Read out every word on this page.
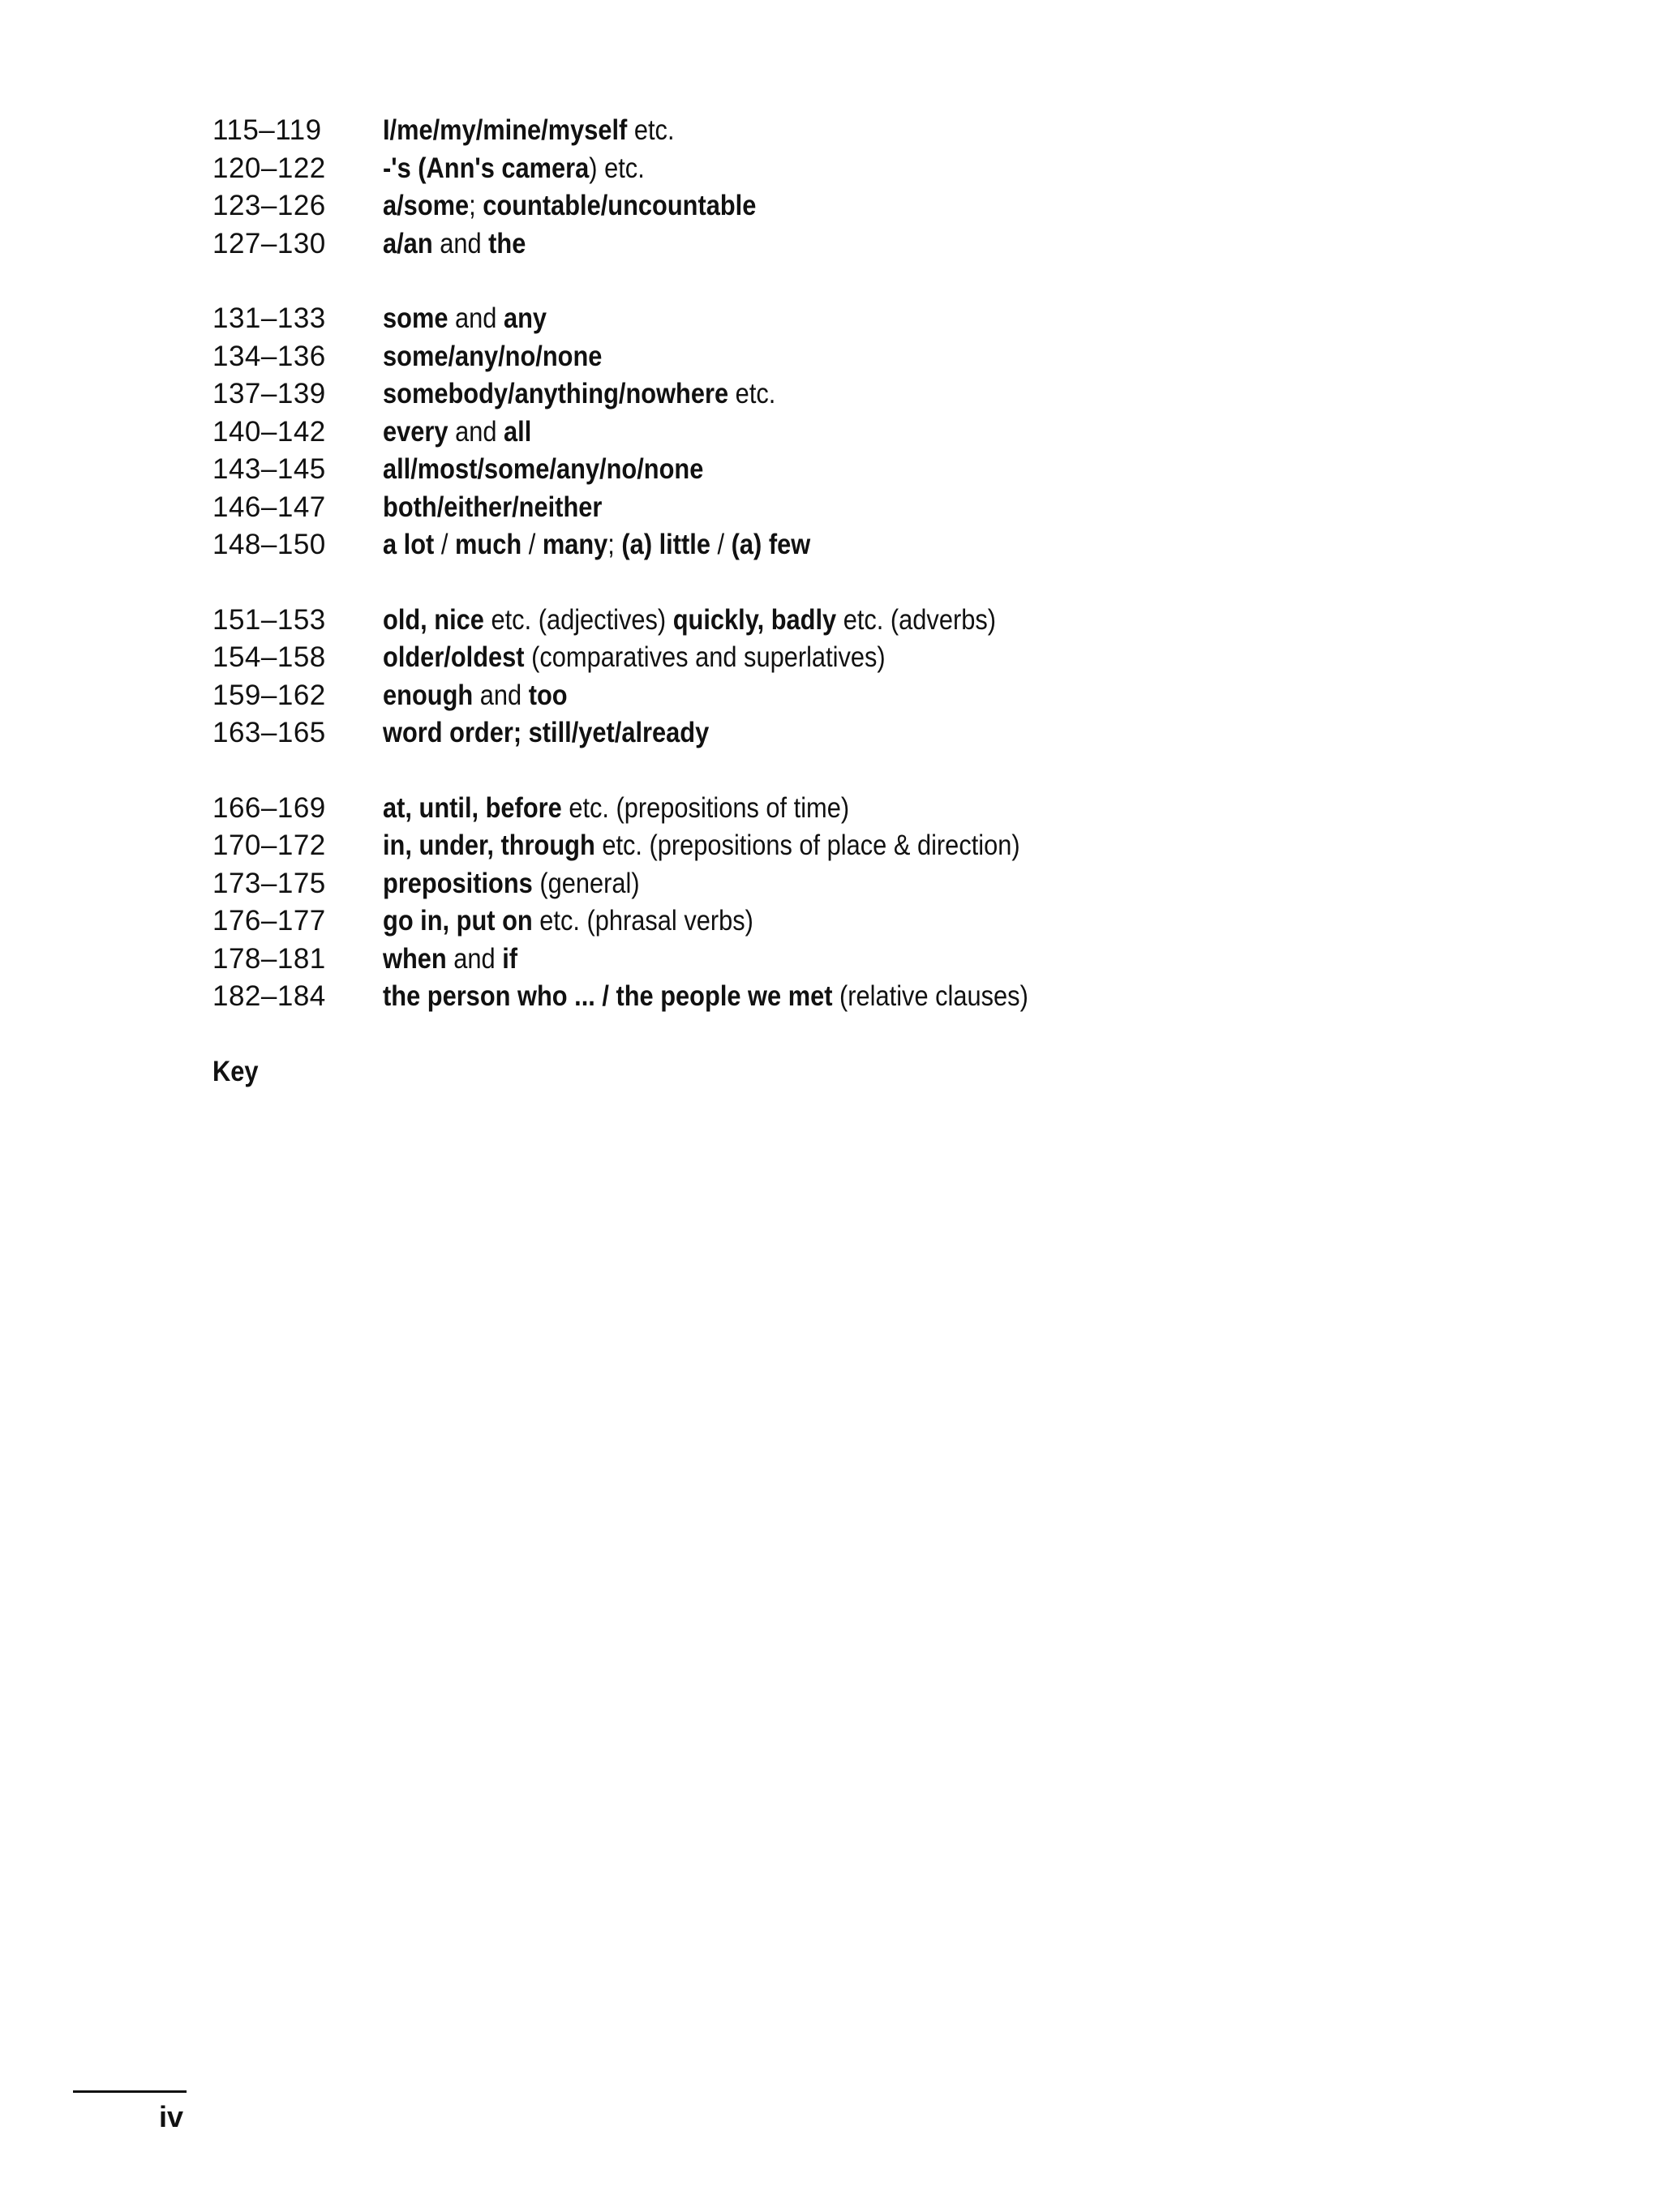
115–119	I/me/my/mine/myself etc.
120–122	-'s (Ann's camera) etc.
123–126	a/some; countable/uncountable
127–130	a/an and the
131–133	some and any
134–136	some/any/no/none
137–139	somebody/anything/nowhere etc.
140–142	every and all
143–145	all/most/some/any/no/none
146–147	both/either/neither
148–150	a lot / much / many; (a) little / (a) few
151–153	old, nice etc. (adjectives) quickly, badly etc. (adverbs)
154–158	older/oldest (comparatives and superlatives)
159–162	enough and too
163–165	word order; still/yet/already
166–169	at, until, before etc. (prepositions of time)
170–172	in, under, through etc. (prepositions of place & direction)
173–175	prepositions (general)
176–177	go in, put on etc. (phrasal verbs)
178–181	when and if
182–184	the person who ... / the people we met (relative clauses)
Key
iv
